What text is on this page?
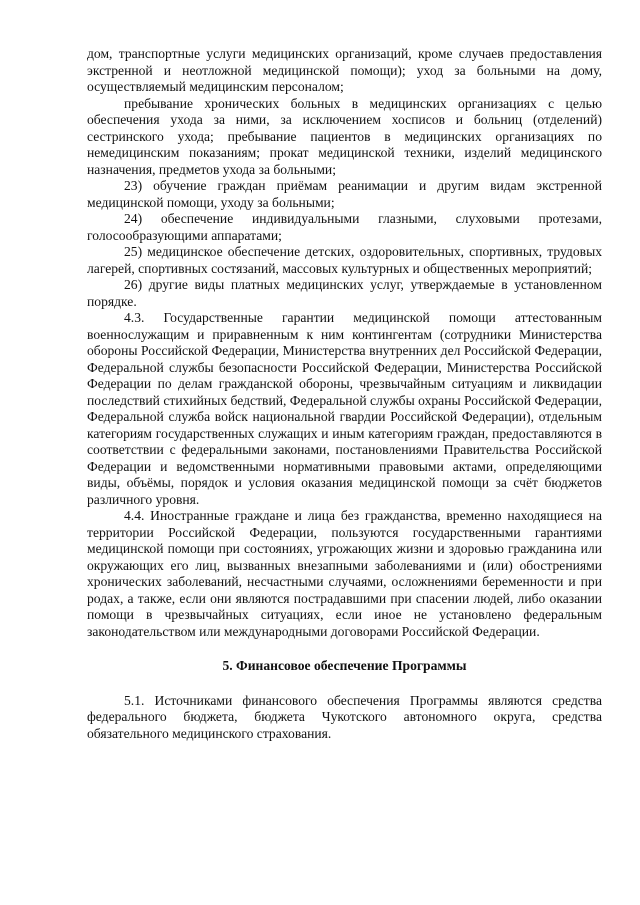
дом, транспортные услуги медицинских организаций, кроме случаев предоставления экстренной и неотложной медицинской помощи); уход за больными на дому, осуществляемый медицинским персоналом;

пребывание хронических больных в медицинских организациях с целью обеспечения ухода за ними, за исключением хосписов и больниц (отделений) сестринского ухода; пребывание пациентов в медицинских организациях по немедицинским показаниям; прокат медицинской техники, изделий медицинского назначения, предметов ухода за больными;

23) обучение граждан приёмам реанимации и другим видам экстренной медицинской помощи, уходу за больными;

24) обеспечение индивидуальными глазными, слуховыми протезами, голосообразующими аппаратами;

25) медицинское обеспечение детских, оздоровительных, спортивных, трудовых лагерей, спортивных состязаний, массовых культурных и общественных мероприятий;

26) другие виды платных медицинских услуг, утверждаемые в установленном порядке.

4.3. Государственные гарантии медицинской помощи аттестованным военнослужащим и приравненным к ним контингентам (сотрудники Министерства обороны Российской Федерации, Министерства внутренних дел Российской Федерации, Федеральной службы безопасности Российской Федерации, Министерства Российской Федерации по делам гражданской обороны, чрезвычайным ситуациям и ликвидации последствий стихийных бедствий, Федеральной службы охраны Российской Федерации, Федеральной служба войск национальной гвардии Российской Федерации), отдельным категориям государственных служащих и иным категориям граждан, предоставляются в соответствии с федеральными законами, постановлениями Правительства Российской Федерации и ведомственными нормативными правовыми актами, определяющими виды, объёмы, порядок и условия оказания медицинской помощи за счёт бюджетов различного уровня.

4.4. Иностранные граждане и лица без гражданства, временно находящиеся на территории Российской Федерации, пользуются государственными гарантиями медицинской помощи при состояниях, угрожающих жизни и здоровью гражданина или окружающих его лиц, вызванных внезапными заболеваниями и (или) обострениями хронических заболеваний, несчастными случаями, осложнениями беременности и при родах, а также, если они являются пострадавшими при спасении людей, либо оказании помощи в чрезвычайных ситуациях, если иное не установлено федеральным законодательством или международными договорами Российской Федерации.

5. Финансовое обеспечение Программы

5.1. Источниками финансового обеспечения Программы являются средства федерального бюджета, бюджета Чукотского автономного округа, средства обязательного медицинского страхования.
